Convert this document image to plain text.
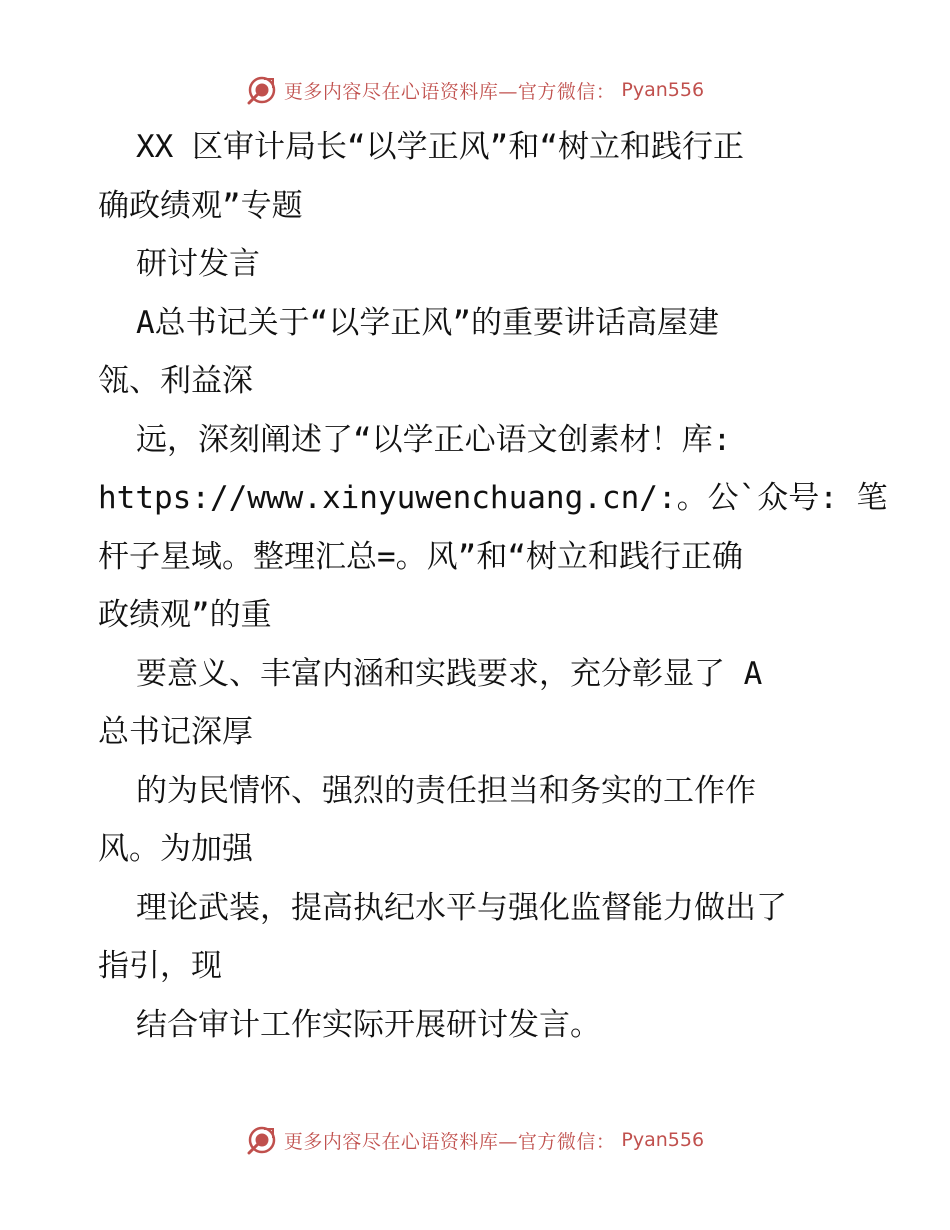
更多内容尽在心语资料库—官方微信： Pyan556
XX 区审计局长“以学正风”和“树立和践行正
确政绩观”专题
研讨发言
A总书记关于“以学正风”的重要讲话高屋建
瓴、利益深
远，深刻阐述了“以学正心语文创素材！库:
https://www.xinyuwenchuang.cn/:。公`众号: 笔
杆子星域。整理汇总=。风”和“树立和践行正确
政绩观”的重
要意义、丰富内涵和实践要求，充分彰显了 A
总书记深厚
的为民情怀、强烈的责任担当和务实的工作作
风。为加强
理论武装，提高执纪水平与强化监督能力做出了
指引，现
结合审计工作实际开展研讨发言。
更多内容尽在心语资料库—官方微信： Pyan556
